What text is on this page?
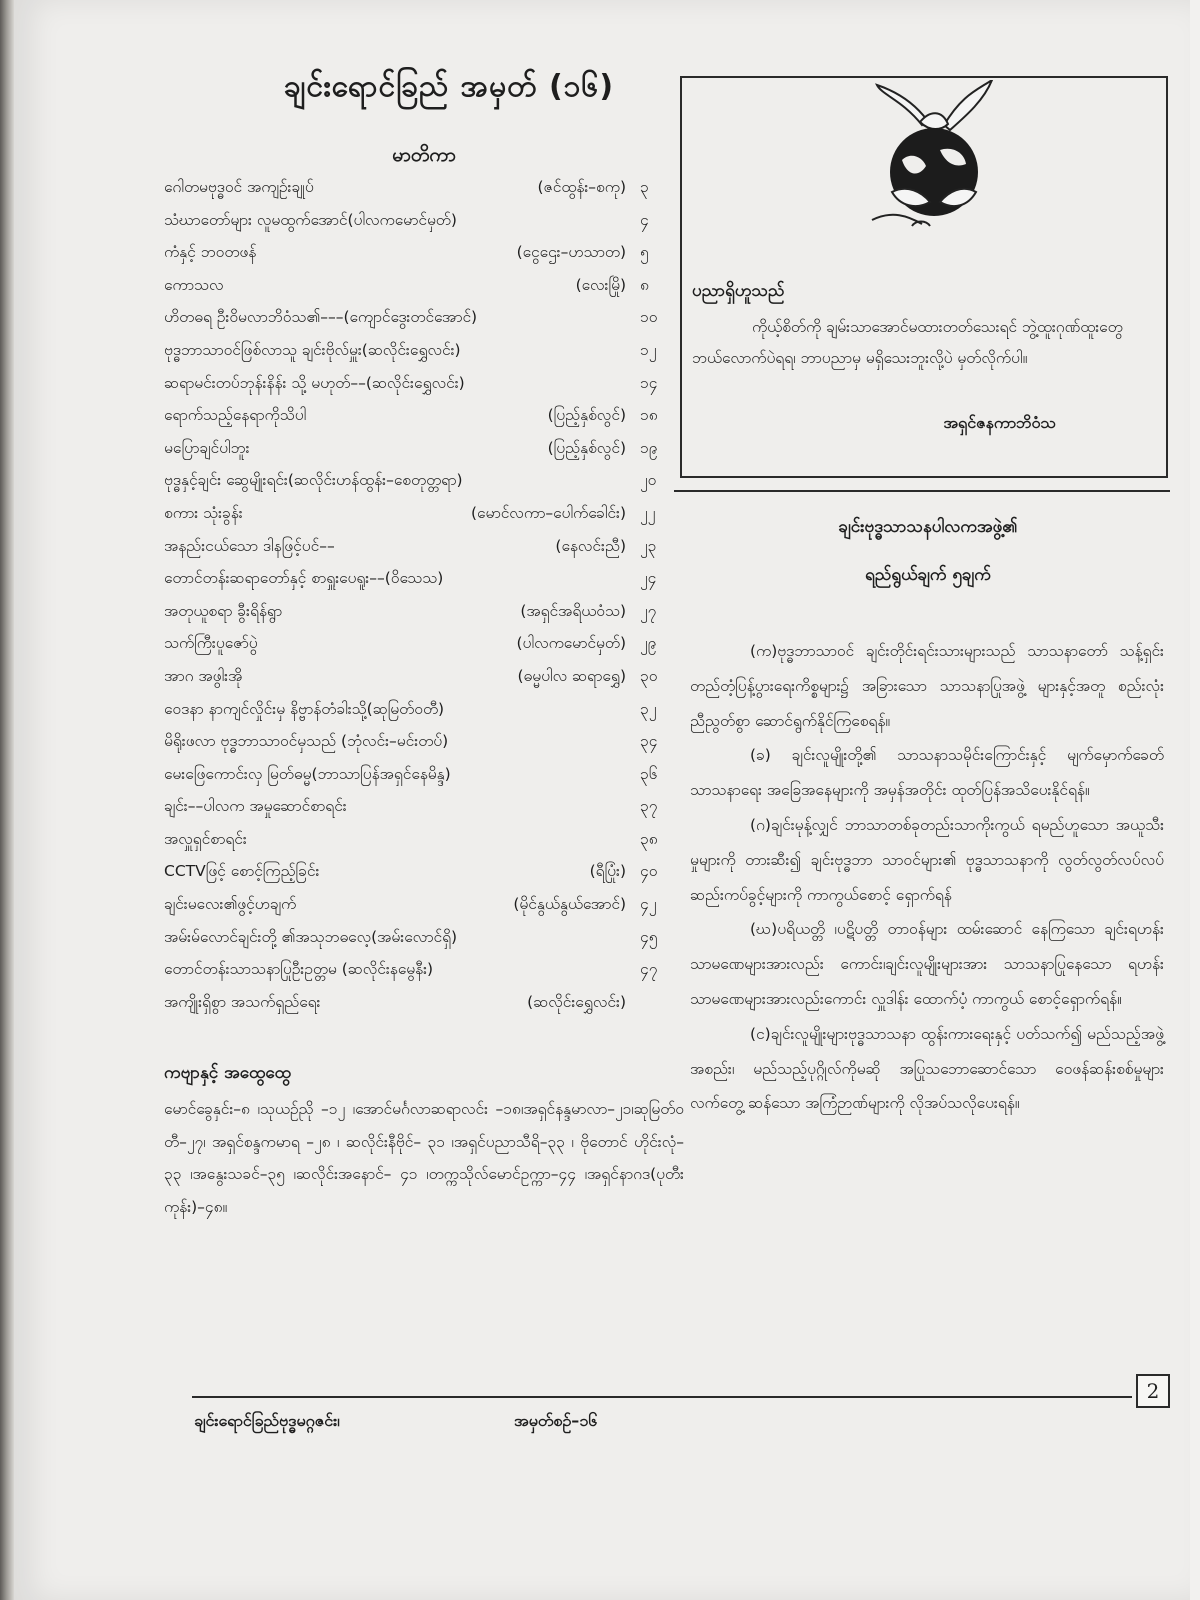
ချင်းရောင်ခြည် အမှတ် (၁၆)
မာတိကာ
ဂေါတမဗုဒ္ဓဝင် အကျဉ်းချုပ်	(ဇင်ထွန်း–စကု) ၃
သံဃာတော်များ လူမထွက်အောင်(ပါလကမောင်မှတ်)	၄
ကံနှင့် ဘဝတဖန်	(ငွေဌေး–ဟသာတ) ၅
ကောသလ	(လေးမြို) ၈
ဟိတဓရ ဦးဝိမလာဘိဝံသ၏–––(ကျောင်ဒွေးတင်အောင်)	၁၀
ဗုဒ္ဓဘာသာဝင်ဖြစ်လာသူ ချင်းဗိုလ်မှူး(ဆလိုင်းရွှေလင်း)	၁၂
ဆရာမင်းတပ်ဘုန်းနိန်း သို့ မဟုတ်––(ဆလိုင်းရွှေလင်း)	၁၄
ရောက်သည့်နေရာကိုသိပါ	(ပြည့်နှစ်လွင်) ၁၈
မပြောချင်ပါဘူး	(ပြည့်နှစ်လွင်) ၁၉
ဗုဒ္ဓနှင့်ချင်း ဆွေမျိုးရင်း(ဆလိုင်းဟန်ထွန်း–စေတုတ္တရာ)	၂၀
စကား သုံးခွန်း	(မောင်လကာ–ပေါက်ခေါင်း) ၂၂
အနည်းငယ်သော ဒါနဖြင့်ပင်––	(နေလင်းညီ) ၂၃
တောင်တန်းဆရာတော်နှင့် စာရှူးပေရူး––(ဝိသေသ)	၂၄
အတုယူစရာ ခွီးရိန်ရွာ	(အရှင်အရိယဝံသ) ၂၇
သက်ကြီးပူဇော်ပွဲ	(ပါလကမောင်မှတ်) ၂၉
အာဂ အဖွါးအို	(ဓမ္မပါလ ဆရာရွှေ) ၃၀
ဝေဒနာ နာကျင်လှိုင်းမှ နိဗ္ဗာန်တံခါးသို့(ဆုမြတ်ဝတီ)	၃၂
မိရိုးဖလာ ဗုဒ္ဓဘာသာဝင်မှသည် (ဘုံလင်း–မင်းတပ်)	၃၄
မေးဖြေကောင်းလှ မြတ်ဓမ္မ(ဘာသာပြန်အရှင်နေမိန္ဒ)	၃၆
ချင်း––ပါလက အမှုဆောင်စာရင်း	၃၇
အလှူရှင်စာရင်း	၃၈
CCTVဖြင့် စောင့်ကြည့်ခြင်း	(ရီပြုံး) ၄၀
ချင်းမလေး၏ဖွင့်ဟချက်	(မိုင်နွယ်နွယ်အောင်) ၄၂
အမ်းမ်လောင်ချင်းတို့ ၏အသုဘဓလေ့(အမ်းလောင်ရှိ)	၄၅
တောင်တန်းသာသနာပြုဦးဥတ္တမ (ဆလိုင်းနမွေနီး)	၄၇
အကျိုးရှိစွာ အသက်ရှည်ရေး	(ဆလိုင်းရွှေလင်း)
ကဗျာနှင့် အထွေထွေ

မောင်ခွေနှင်း–၈ ၊သုယဉ်ညို –၁၂ ၊အောင်မင်္ဂလာဆရာလင်း –၁၈၊အရှင်နန္ဒမာလာ–၂၁၊ဆုမြတ်ဝတီ–၂၇၊ အရှင်စန္ဒကမာရ –၂၈ ၊ ဆလိုင်းနီဗိုင်– ၃၁ ၊အရှင်ပညာသီရိ–၃၃ ၊ ဗိုတောင် ဟိုင်းလုံ–၃၃ ၊အနွေးသခင်–၃၅ ၊ဆလိုင်းအနောင်– ၄၁ ၊တက္ကသိုလ်မောင်ဥက္ကာ–၄၄ ၊အရှင်နာဂဒ(ပုတီးကုန်း)–၄၈။

ပညာရှိဟူသည်

ကိုယ့်စိတ်ကို ချမ်းသာအောင်မထားတတ်သေးရင် ဘွဲ့ထူးဂုဏ်ထူးတွေ ဘယ်လောက်ပဲရရ၊ ဘာပညာမှ မရှိသေးဘူးလို့ပဲ မှတ်လိုက်ပါ။

အရှင်ဇနကာဘိဝံသ
ချင်းဗုဒ္ဓသာသနပါလကအဖွဲ့၏
ရည်ရွယ်ချက် ၅ချက်

(က)ဗုဒ္ဓဘာသာဝင် ချင်းတိုင်းရင်းသားများသည် သာသနာတော် သန့်ရှင်းတည်တံ့ပြန့်ပွားရေးကိစ္စများ၌ အခြားသော သာသနာပြုအဖွဲ့ များနှင့်အတူ စည်းလုံး ညီညွတ်စွာ ဆောင်ရွက်နိုင်ကြစေရန်။

(ခ) ချင်းလူမျိုးတို့၏ သာသနာသမိုင်းကြောင်းနှင့် မျက်မှောက်ခေတ် သာသနာရေး အခြေအနေများကို အမှန်အတိုင်း ထုတ်ပြန်အသိပေးနိုင်ရန်။

(ဂ)ချင်းမုန့်လျှင် ဘာသာတစ်ခုတည်းသာကိုးကွယ် ရမည်ဟူသော အယူသီးမှုများကို တားဆီး၍ ချင်းဗုဒ္ဓဘာ သာဝင်များ၏ ဗုဒ္ဓသာသနာကို လွတ်လွတ်လပ်လပ် ဆည်းကပ်ခွင့်များကို ကာကွယ်စောင့် ရှောက်ရန်

(ဃ)ပရိယတ္တိ ၊ပဋိပတ္တိ တာဝန်များ ထမ်းဆောင် နေကြသော ချင်းရဟန်း သာမဏေများအားလည်း ကောင်း၊ချင်းလူမျိုးများအား သာသနာပြုနေသော ရဟန်း သာမဏေများအားလည်းကောင်း လှူဒါန်း ထောက်ပံ့ ကာကွယ် စောင့်ရှောက်ရန်။

(င)ချင်းလူမျိုးများဗုဒ္ဓသာသနာ ထွန်းကားရေးနှင့် ပတ်သက်၍ မည်သည့်အဖွဲ့အစည်း၊ မည်သည့်ပုဂ္ဂိုလ်ကိုမဆို အပြုသဘောဆောင်သော ဝေဖန်ဆန်းစစ်မှုများ လက်တွေ့ ဆန်သော အကြံဉာဏ်များကို လိုအပ်သလိုပေးရန်။

2
ချင်းရောင်ခြည်ဗုဒ္ဓမဂ္ဂဇင်း၊	အမှတ်စဉ်–၁၆
